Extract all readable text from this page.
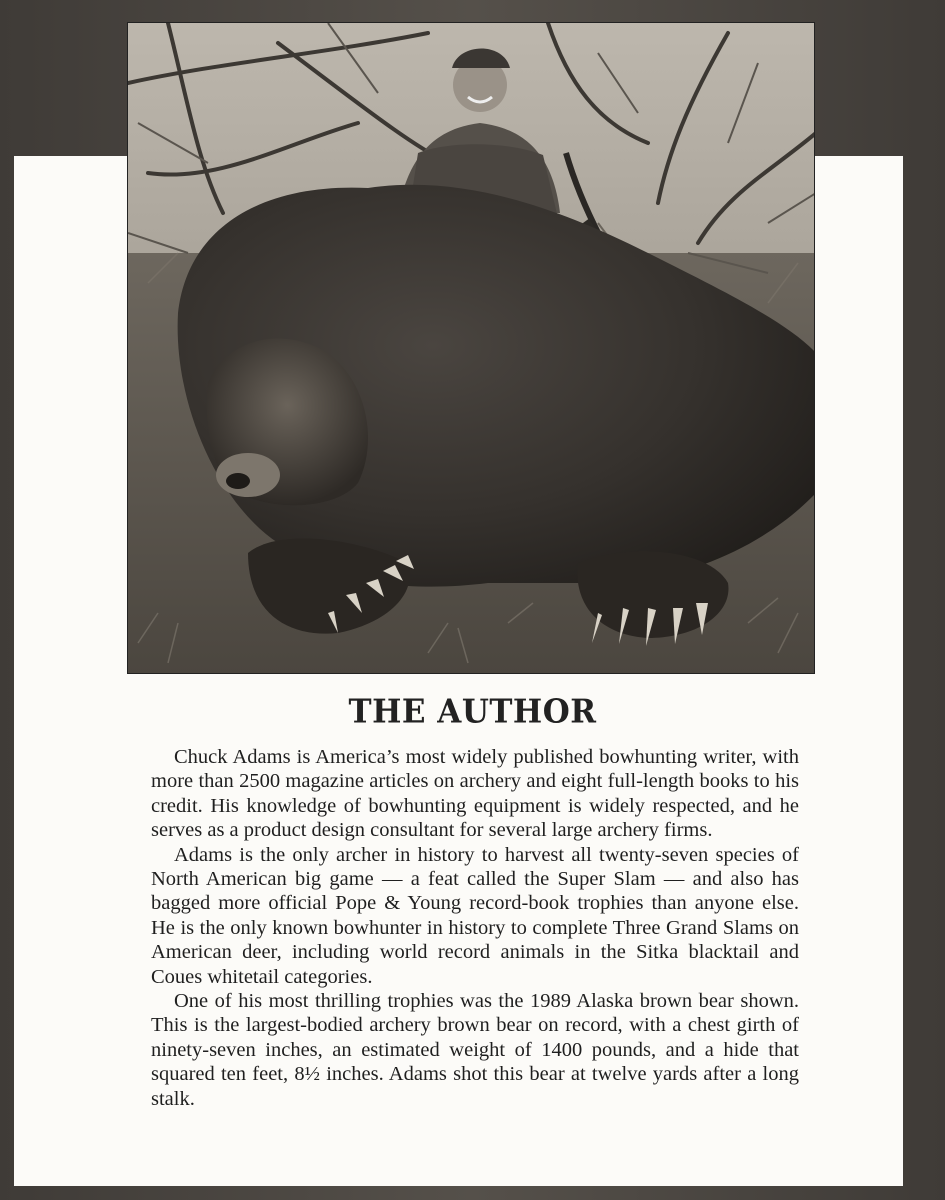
THE AUTHOR

Chuck Adams is America’s most widely published bowhunting writer, with more than 2500 magazine articles on archery and eight full-length books to his credit. His knowledge of bowhunting equipment is widely respected, and he serves as a product design consultant for several large archery firms.

Adams is the only archer in history to harvest all twenty-seven species of North American big game — a feat called the Super Slam — and also has bagged more official Pope & Young record-book trophies than anyone else. He is the only known bowhunter in history to complete Three Grand Slams on American deer, including world record animals in the Sitka blacktail and Coues whitetail categories.

One of his most thrilling trophies was the 1989 Alaska brown bear shown. This is the largest-bodied archery brown bear on record, with a chest girth of ninety-seven inches, an estimated weight of 1400 pounds, and a hide that squared ten feet, 8½ inches. Adams shot this bear at twelve yards after a long stalk.
